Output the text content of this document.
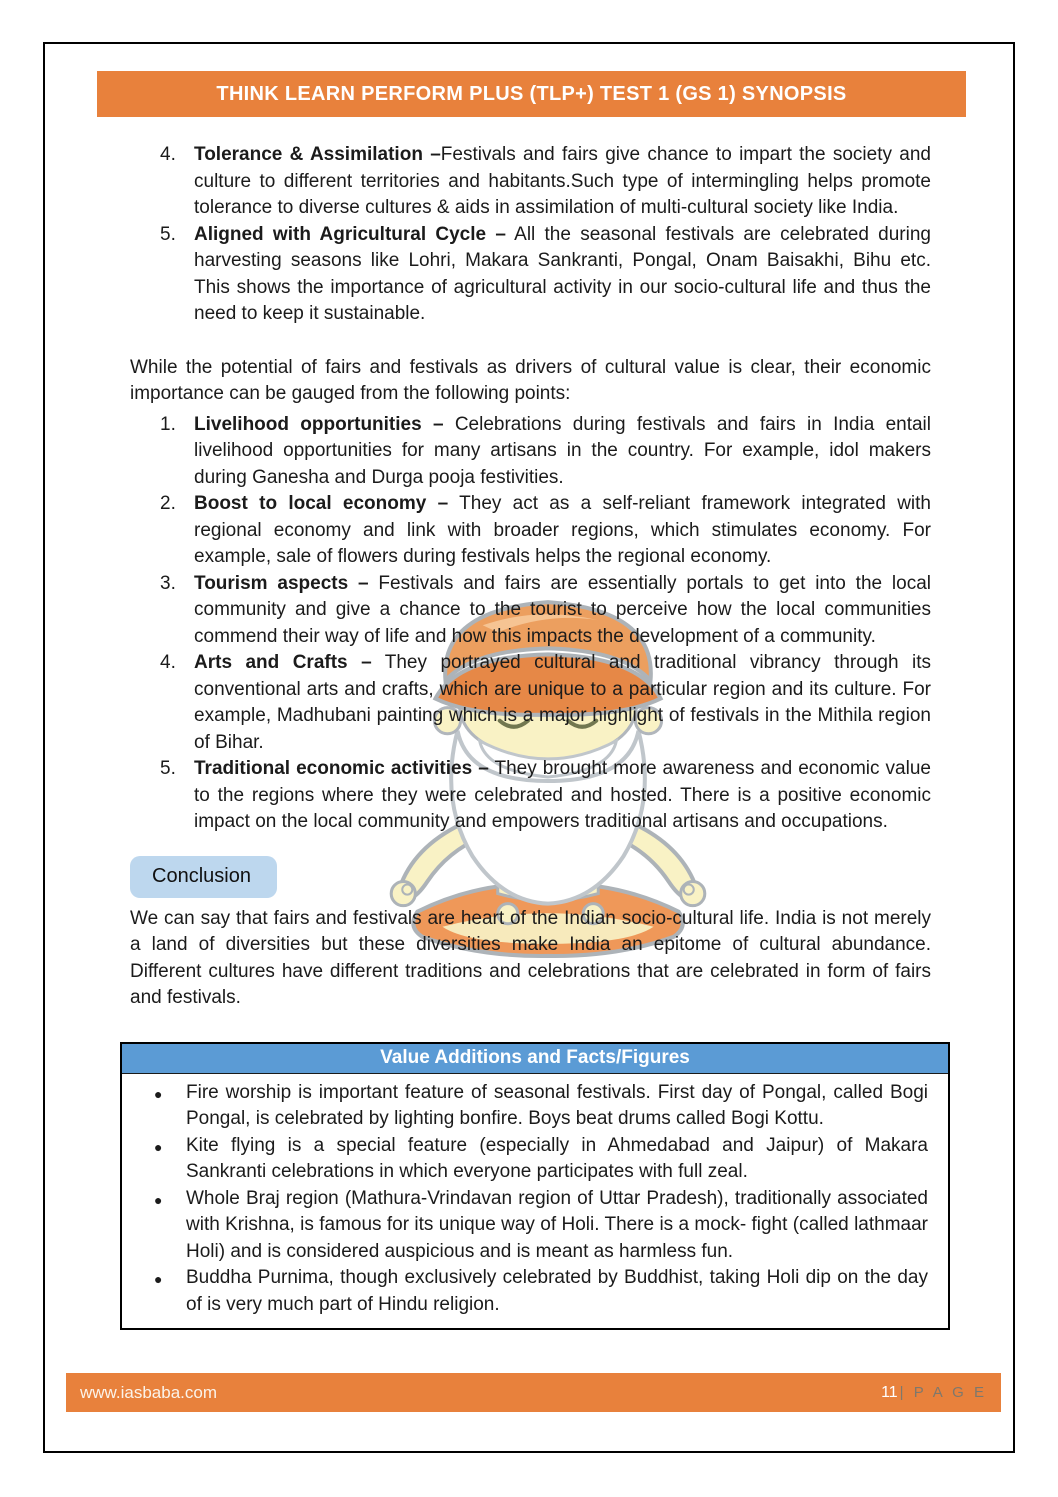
THINK LEARN PERFORM PLUS (TLP+) TEST 1 (GS 1) SYNOPSIS
4. Tolerance & Assimilation –Festivals and fairs give chance to impart the society and culture to different territories and habitants.Such type of intermingling helps promote tolerance to diverse cultures & aids in assimilation of multi-cultural society like India.
5. Aligned with Agricultural Cycle – All the seasonal festivals are celebrated during harvesting seasons like Lohri, Makara Sankranti, Pongal, Onam Baisakhi, Bihu etc. This shows the importance of agricultural activity in our socio-cultural life and thus the need to keep it sustainable.

While the potential of fairs and festivals as drivers of cultural value is clear, their economic importance can be gauged from the following points:

1. Livelihood opportunities – Celebrations during festivals and fairs in India entail livelihood opportunities for many artisans in the country. For example, idol makers during Ganesha and Durga pooja festivities.
2. Boost to local economy – They act as a self-reliant framework integrated with regional economy and link with broader regions, which stimulates economy. For example, sale of flowers during festivals helps the regional economy.
3. Tourism aspects – Festivals and fairs are essentially portals to get into the local community and give a chance to the tourist to perceive how the local communities commend their way of life and how this impacts the development of a community.
4. Arts and Crafts – They portrayed cultural and traditional vibrancy through its conventional arts and crafts, which are unique to a particular region and its culture. For example, Madhubani painting which is a major highlight of festivals in the Mithila region of Bihar.
5. Traditional economic activities – They brought more awareness and economic value to the regions where they were celebrated and hosted. There is a positive economic impact on the local community and empowers traditional artisans and occupations.
Conclusion

We can say that fairs and festivals are heart of the Indian socio-cultural life. India is not merely a land of diversities but these diversities make India an epitome of cultural abundance. Different cultures have different traditions and celebrations that are celebrated in form of fairs and festivals.

Value Additions and Facts/Figures
● Fire worship is important feature of seasonal festivals. First day of Pongal, called Bogi Pongal, is celebrated by lighting bonfire. Boys beat drums called Bogi Kottu.
● Kite flying is a special feature (especially in Ahmedabad and Jaipur) of Makara Sankranti celebrations in which everyone participates with full zeal.
● Whole Braj region (Mathura-Vrindavan region of Uttar Pradesh), traditionally associated with Krishna, is famous for its unique way of Holi. There is a mock- fight (called lathmaar Holi) and is considered auspicious and is meant as harmless fun.
● Buddha Purnima, though exclusively celebrated by Buddhist, taking Holi dip on the day of is very much part of Hindu religion.
www.iasbaba.com	11 | P A G E
